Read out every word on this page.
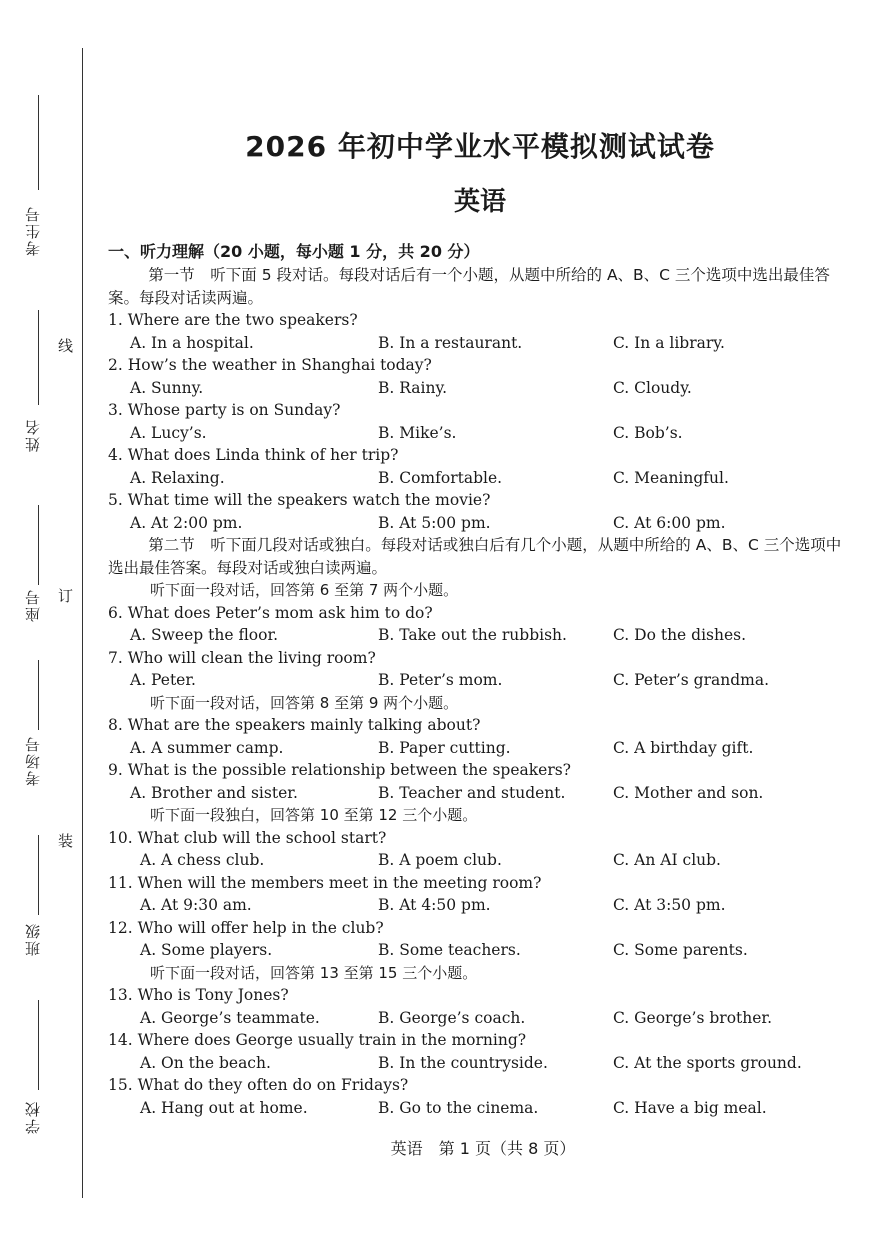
考生号
姓名
座号
考场号
班级
学校
线
订
装
2026 年初中学业水平模拟测试试卷
英语
一、听力理解（20 小题，每小题 1 分，共 20 分）
第一节　听下面 5 段对话。每段对话后有一个小题，从题中所给的 A、B、C 三个选项中选出最佳答案。每段对话读两遍。
1. Where are the two speakers?
A. In a hospital.	B. In a restaurant.	C. In a library.
2. How’s the weather in Shanghai today?
A. Sunny.	B. Rainy.	C. Cloudy.
3. Whose party is on Sunday?
A. Lucy’s.	B. Mike’s.	C. Bob’s.
4. What does Linda think of her trip?
A. Relaxing.	B. Comfortable.	C. Meaningful.
5. What time will the speakers watch the movie?
A. At 2:00 pm.	B. At 5:00 pm.	C. At 6:00 pm.
第二节　听下面几段对话或独白。每段对话或独白后有几个小题，从题中所给的 A、B、C 三个选项中选出最佳答案。每段对话或独白读两遍。
听下面一段对话，回答第 6 至第 7 两个小题。
6. What does Peter’s mom ask him to do?
A. Sweep the floor.	B. Take out the rubbish.	C. Do the dishes.
7. Who will clean the living room?
A. Peter.	B. Peter’s mom.	C. Peter’s grandma.
听下面一段对话，回答第 8 至第 9 两个小题。
8. What are the speakers mainly talking about?
A. A summer camp.	B. Paper cutting.	C. A birthday gift.
9. What is the possible relationship between the speakers?
A. Brother and sister.	B. Teacher and student.	C. Mother and son.
听下面一段独白，回答第 10 至第 12 三个小题。
10. What club will the school start?
A. A chess club.	B. A poem club.	C. An AI club.
11. When will the members meet in the meeting room?
A. At 9:30 am.	B. At 4:50 pm.	C. At 3:50 pm.
12. Who will offer help in the club?
A. Some players.	B. Some teachers.	C. Some parents.
听下面一段对话，回答第 13 至第 15 三个小题。
13. Who is Tony Jones?
A. George’s teammate.	B. George’s coach.	C. George’s brother.
14. Where does George usually train in the morning?
A. On the beach.	B. In the countryside.	C. At the sports ground.
15. What do they often do on Fridays?
A. Hang out at home.	B. Go to the cinema.	C. Have a big meal.
英语　第 1 页（共 8 页）
